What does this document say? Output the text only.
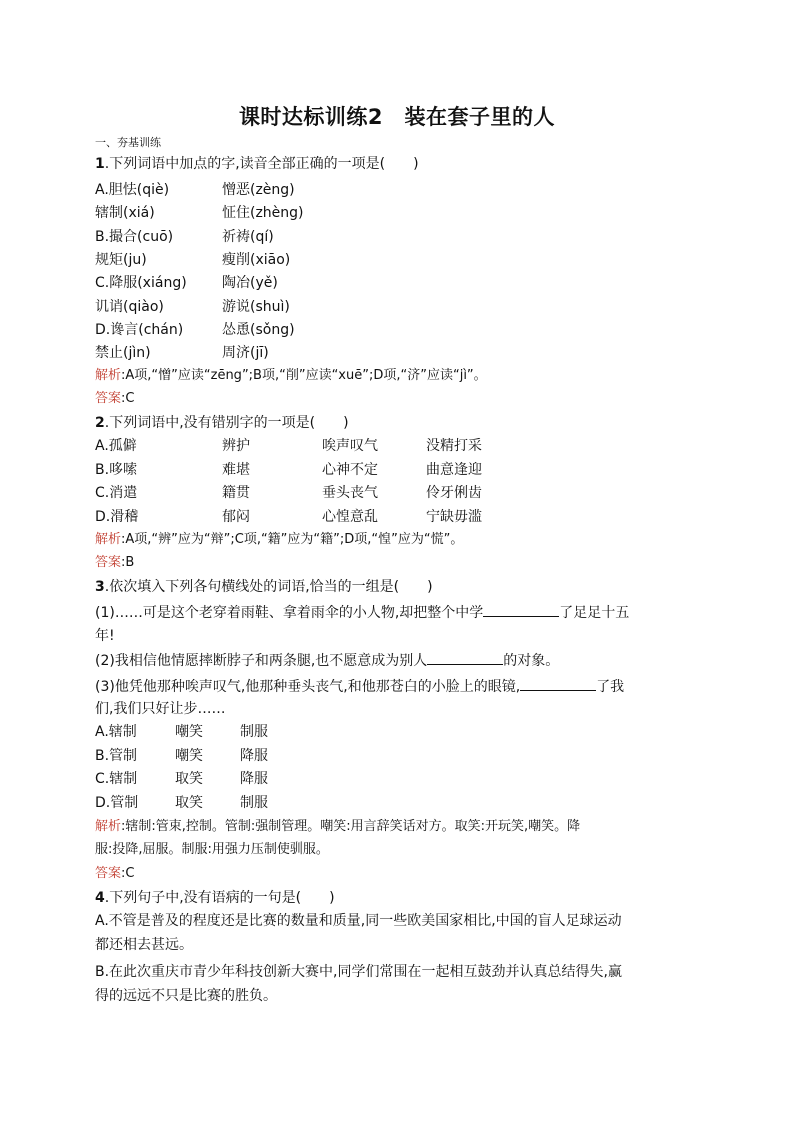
课时达标训练2　装在套子里的人
一、夯基训练
1.下列词语中加点的字,读音全部正确的一项是(　　)
A.胆怯(qiè)	憎恶(zèng)
辖制(xiá)	怔住(zhèng)
B.撮合(cuō)	祈祷(qí)
规矩(ju)	瘦削(xiāo)
C.降服(xiáng)	陶冶(yě)
讥诮(qiào)	游说(shuì)
D.谗言(chán)	怂恿(sǒng)
禁止(jìn)	周济(jī)
解析:A项,“憎”应读“zēng”;B项,“削”应读“xuē”;D项,“济”应读“jì”。
答案:C
2.下列词语中,没有错别字的一项是(　　)
A.孤僻	辨护	唉声叹气	没精打采
B.哆嗦	难堪	心神不定	曲意逢迎
C.消遣	籍贯	垂头丧气	伶牙俐齿
D.滑稽	郁闷	心惶意乱	宁缺毋滥
解析:A项,“辨”应为“辩”;C项,“籍”应为“籍”;D项,“惶”应为“慌”。
答案:B
3.依次填入下列各句横线处的词语,恰当的一组是(　　)
(1)……可是这个老穿着雨鞋、拿着雨伞的小人物,却把整个中学	了足足十五
年!
(2)我相信他情愿摔断脖子和两条腿,也不愿意成为别人	的对象。
(3)他凭他那种唉声叹气,他那种垂头丧气,和他那苍白的小脸上的眼镜,	了我
们,我们只好让步……
A.辖制	嘲笑	制服
B.管制	嘲笑	降服
C.辖制	取笑	降服
D.管制	取笑	制服
解析:辖制:管束,控制。管制:强制管理。嘲笑:用言辞笑话对方。取笑:开玩笑,嘲笑。降
服:投降,屈服。制服:用强力压制使驯服。
答案:C
4.下列句子中,没有语病的一句是(　　)
A.不管是普及的程度还是比赛的数量和质量,同一些欧美国家相比,中国的盲人足球运动
都还相去甚远。
B.在此次重庆市青少年科技创新大赛中,同学们常围在一起相互鼓劲并认真总结得失,赢
得的远远不只是比赛的胜负。
